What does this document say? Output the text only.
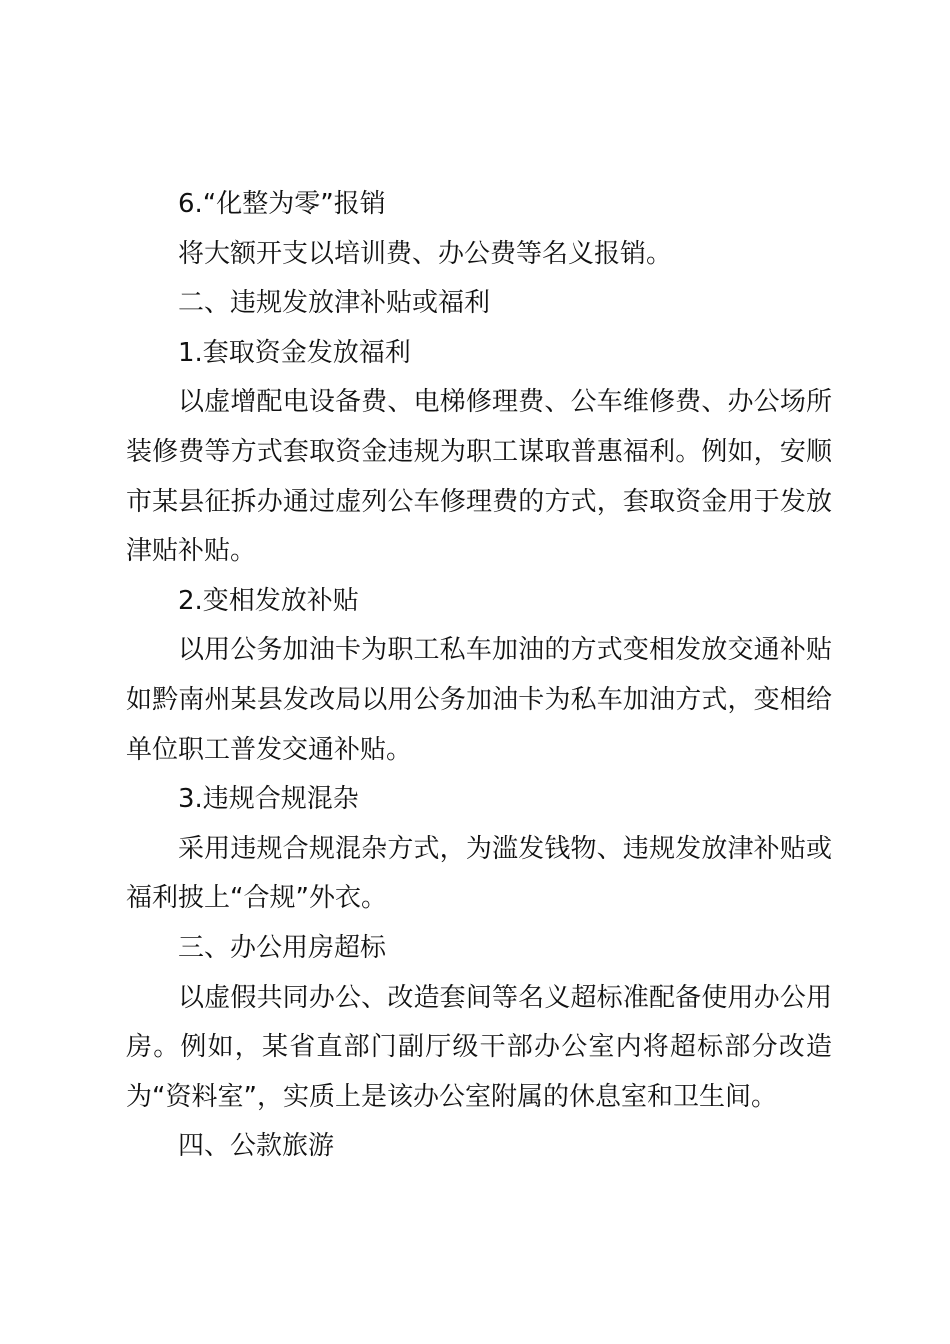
6.“化整为零”报销

将大额开支以培训费、办公费等名义报销。

二、违规发放津补贴或福利

1.套取资金发放福利

以虚增配电设备费、电梯修理费、公车维修费、办公场所装修费等方式套取资金违规为职工谋取普惠福利。例如，安顺市某县征拆办通过虚列公车修理费的方式，套取资金用于发放津贴补贴。

2.变相发放补贴

以用公务加油卡为职工私车加油的方式变相发放交通补贴如黔南州某县发改局以用公务加油卡为私车加油方式，变相给单位职工普发交通补贴。

3.违规合规混杂

采用违规合规混杂方式，为滥发钱物、违规发放津补贴或福利披上“合规”外衣。

三、办公用房超标

以虚假共同办公、改造套间等名义超标准配备使用办公用房。例如，某省直部门副厅级干部办公室内将超标部分改造为“资料室”，实质上是该办公室附属的休息室和卫生间。

四、公款旅游
